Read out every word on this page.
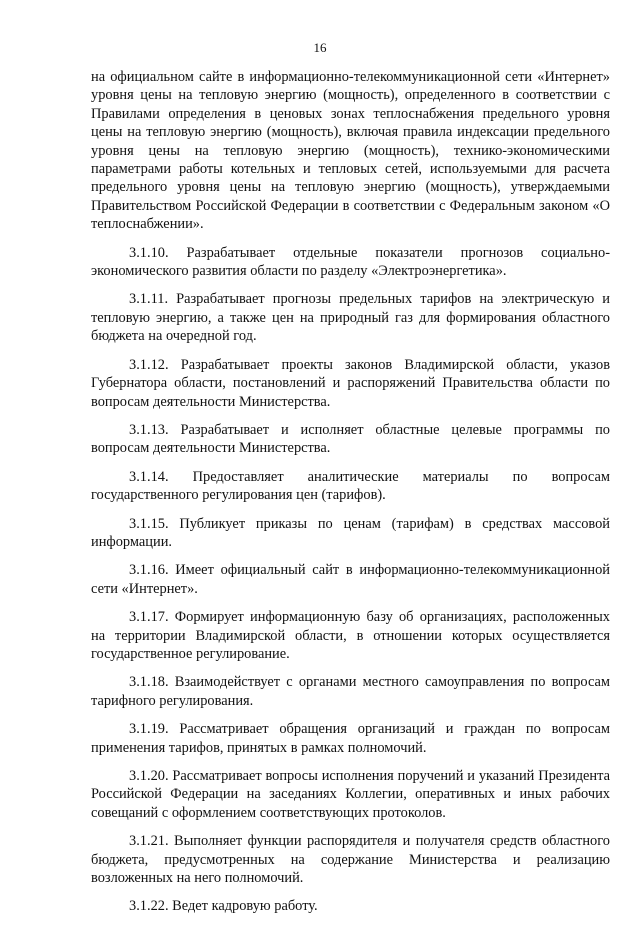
16

на официальном сайте в информационно-телекоммуникационной сети «Интернет» уровня цены на тепловую энергию (мощность), определенного в соответствии с Правилами определения в ценовых зонах теплоснабжения предельного уровня цены на тепловую энергию (мощность), включая правила индексации предельного уровня цены на тепловую энергию (мощность), технико-экономическими параметрами работы котельных и тепловых сетей, используемыми для расчета предельного уровня цены на тепловую энергию (мощность), утверждаемыми Правительством Российской Федерации в соответствии с Федеральным законом «О теплоснабжении».

3.1.10. Разрабатывает отдельные показатели прогнозов социально-экономического развития области по разделу «Электроэнергетика».

3.1.11. Разрабатывает прогнозы предельных тарифов на электрическую и тепловую энергию, а также цен на природный газ для формирования областного бюджета на очередной год.

3.1.12. Разрабатывает проекты законов Владимирской области, указов Губернатора области, постановлений и распоряжений Правительства области по вопросам деятельности Министерства.

3.1.13. Разрабатывает и исполняет областные целевые программы по вопросам деятельности Министерства.

3.1.14. Предоставляет аналитические материалы по вопросам государственного регулирования цен (тарифов).

3.1.15. Публикует приказы по ценам (тарифам) в средствах массовой информации.

3.1.16. Имеет официальный сайт в информационно-телекоммуникационной сети «Интернет».

3.1.17. Формирует информационную базу об организациях, расположенных на территории Владимирской области, в отношении которых осуществляется государственное регулирование.

3.1.18. Взаимодействует с органами местного самоуправления по вопросам тарифного регулирования.

3.1.19. Рассматривает обращения организаций и граждан по вопросам применения тарифов, принятых в рамках полномочий.

3.1.20. Рассматривает вопросы исполнения поручений и указаний Президента Российской Федерации на заседаниях Коллегии, оперативных и иных рабочих совещаний с оформлением соответствующих протоколов.

3.1.21. Выполняет функции распорядителя и получателя средств областного бюджета, предусмотренных на содержание Министерства и реализацию возложенных на него полномочий.

3.1.22. Ведет кадровую работу.
